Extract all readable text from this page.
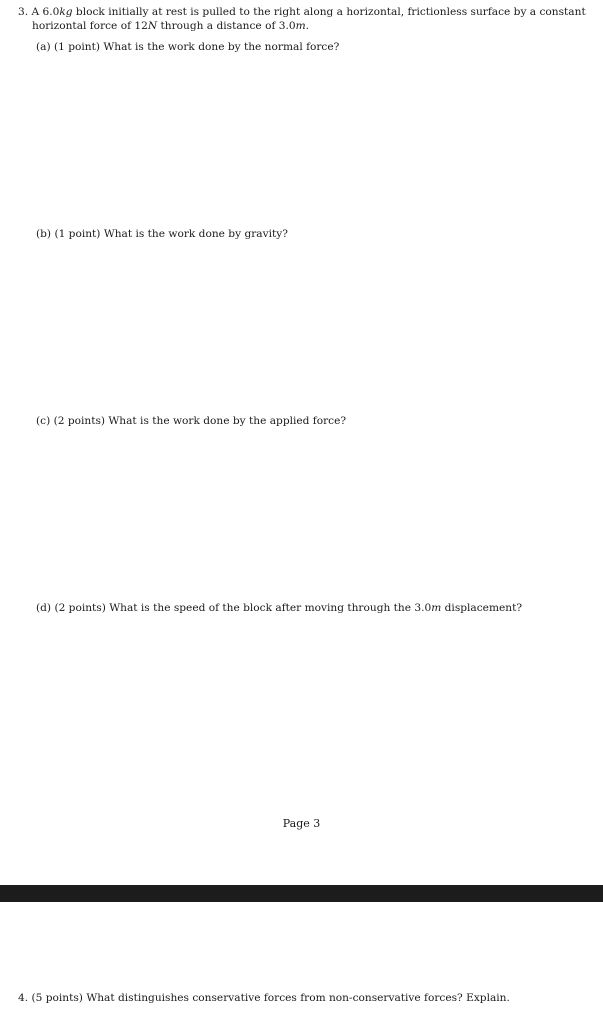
3. A 6.0kg block initially at rest is pulled to the right along a horizontal, frictionless surface by a constant
horizontal force of 12N through a distance of 3.0m.
(a) (1 point) What is the work done by the normal force?
(b) (1 point) What is the work done by gravity?
(c) (2 points) What is the work done by the applied force?
(d) (2 points) What is the speed of the block after moving through the 3.0m displacement?
Page 3
4. (5 points) What distinguishes conservative forces from non-conservative forces? Explain.
